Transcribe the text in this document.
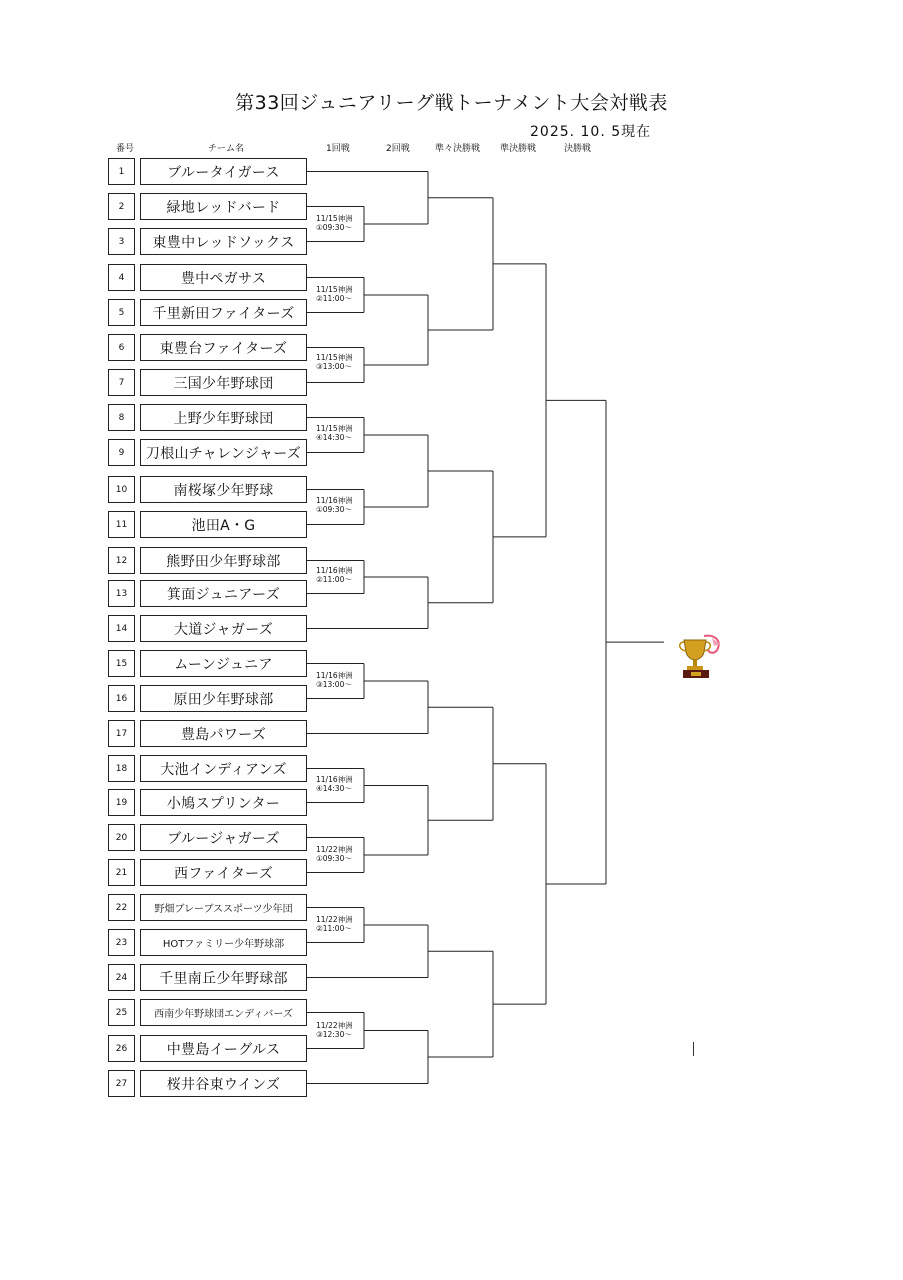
第33回ジュニアリーグ戦トーナメント大会対戦表
2025. 10. 5現在
番号	チーム名	1回戦	2回戦	準々決勝戦 準決勝戦	決勝戦
1	ブルータイガース
2	緑地レッドバード
3	東豊中レッドソックス
4	豊中ペガサス
5	千里新田ファイターズ
6	東豊台ファイターズ
7	三国少年野球団
8	上野少年野球団
9	刀根山チャレンジャーズ
10	南桜塚少年野球
11	池田A・G
12	熊野田少年野球部
13	箕面ジュニアーズ
14	大道ジャガーズ
15	ムーンジュニア
16	原田少年野球部
17	豊島パワーズ
18	大池インディアンズ
19	小鳩スプリンター
20	ブルージャガーズ
21	西ファイターズ
22	野畑ブレーブススポーツ少年団
23	HOTファミリー少年野球部
24	千里南丘少年野球部
25	西南少年野球団エンディバーズ
26	中豊島イーグルス
27	桜井谷東ウインズ
11/15神洲
①09:30～
11/15神洲
②11:00～
11/15神洲
③13:00～
11/15神洲
④14:30～
11/16神洲
①09:30～
11/16神洲
②11:00～
11/16神洲
③13:00～
11/16神洲
④14:30～
11/22神洲
①09:30～
11/22神洲
②11:00～
11/22神洲
③12:30～
